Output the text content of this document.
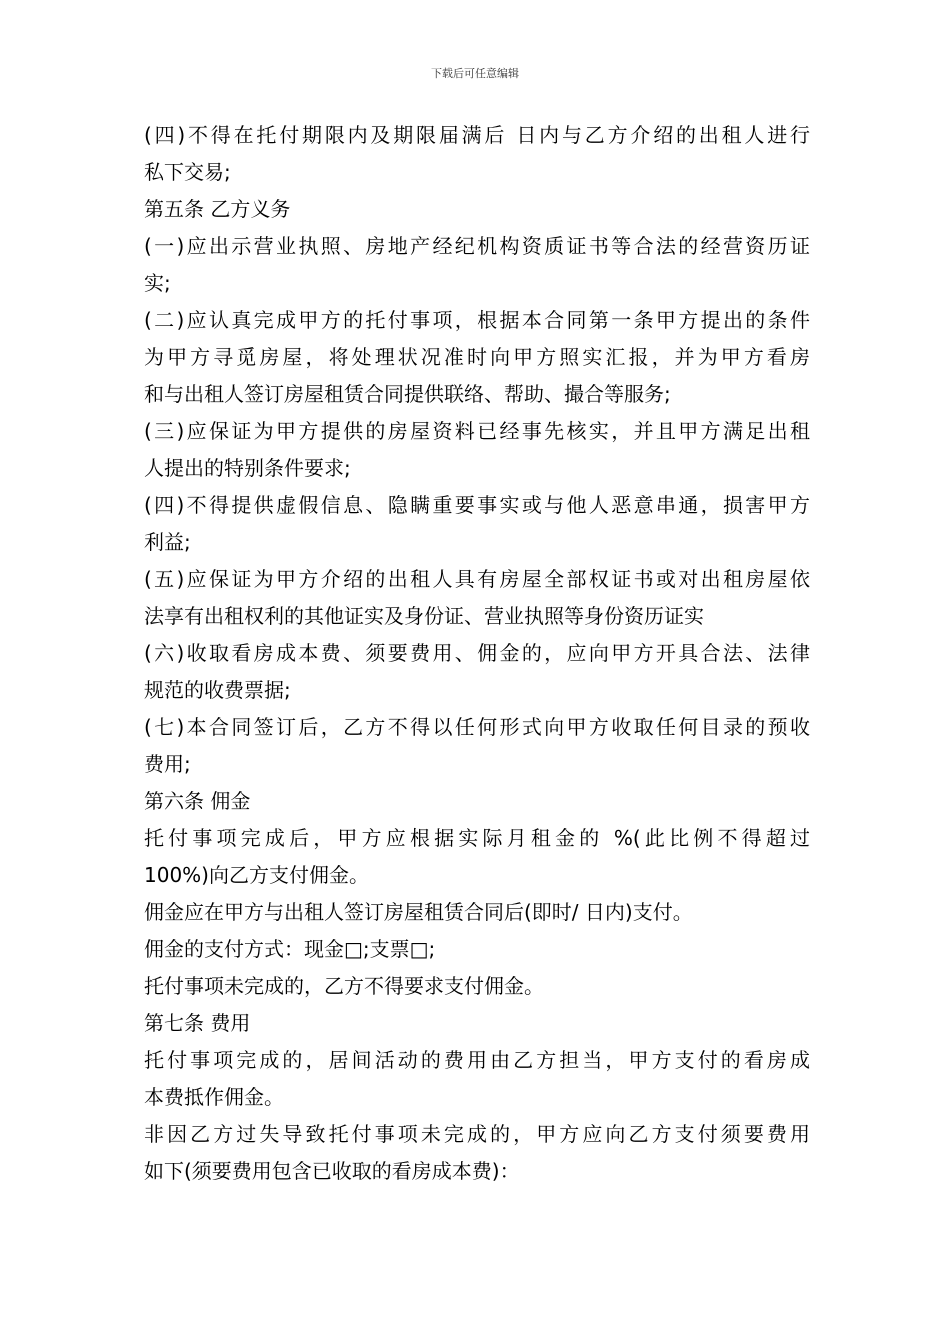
下载后可任意编辑
(四)不得在托付期限内及期限届满后 日内与乙方介绍的出租人进行
私下交易;
第五条 乙方义务
(一)应出示营业执照、房地产经纪机构资质证书等合法的经营资历证
实;
(二)应认真完成甲方的托付事项，根据本合同第一条甲方提出的条件
为甲方寻觅房屋，将处理状况准时向甲方照实汇报，并为甲方看房
和与出租人签订房屋租赁合同提供联络、帮助、撮合等服务;
(三)应保证为甲方提供的房屋资料已经事先核实，并且甲方满足出租
人提出的特别条件要求;
(四)不得提供虚假信息、隐瞒重要事实或与他人恶意串通，损害甲方
利益;
(五)应保证为甲方介绍的出租人具有房屋全部权证书或对出租房屋依
法享有出租权利的其他证实及身份证、营业执照等身份资历证实
(六)收取看房成本费、须要费用、佣金的，应向甲方开具合法、法律
规范的收费票据;
(七)本合同签订后，乙方不得以任何形式向甲方收取任何目录的预收
费用;
第六条 佣金
托付事项完成后，甲方应根据实际月租金的 %(此比例不得超过
100%)向乙方支付佣金。
佣金应在甲方与出租人签订房屋租赁合同后(即时/ 日内)支付。
佣金的支付方式：现金□;支票□;
托付事项未完成的，乙方不得要求支付佣金。
第七条 费用
托付事项完成的，居间活动的费用由乙方担当，甲方支付的看房成
本费抵作佣金。
非因乙方过失导致托付事项未完成的，甲方应向乙方支付须要费用
如下(须要费用包含已收取的看房成本费)：
